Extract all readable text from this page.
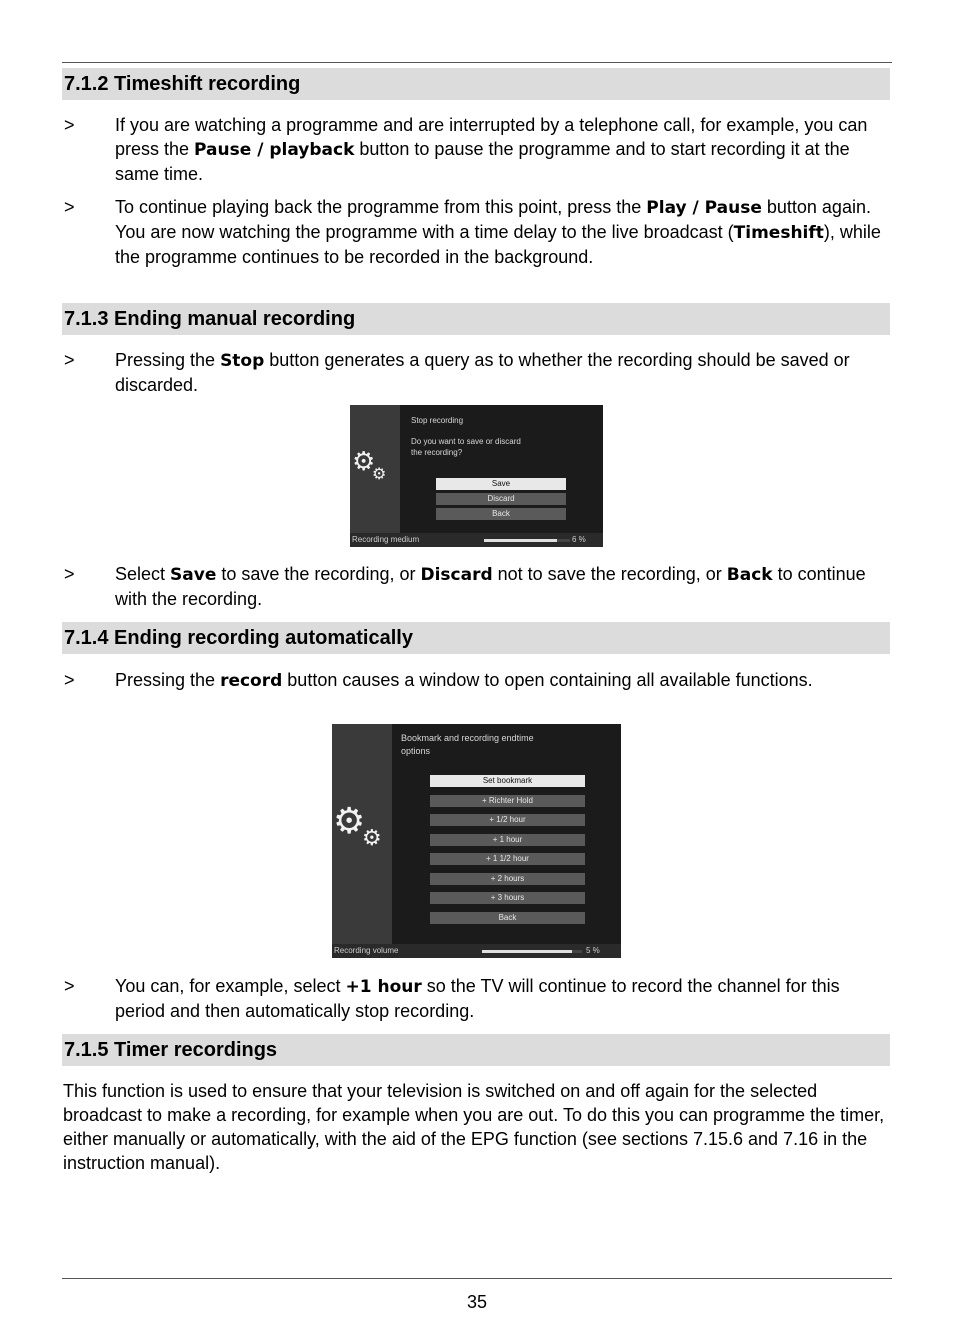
7.1.2 Timeshift recording
> If you are watching a programme and are interrupted by a telephone call, for example, you can press the Pause / playback button to pause the programme and to start recording it at the same time.
> To continue playing back the programme from this point, press the Play / Pause button again.
You are now watching the programme with a time delay to the live broadcast (Timeshift), while the programme continues to be recorded in the background.
7.1.3 Ending manual recording
> Pressing the Stop button generates a query as to whether the recording should be saved or discarded.
⚙
⚙
Stop recording
Do you want to save or discard
the recording?
Save
Discard
Back
Recording medium	6 %
> Select Save to save the recording, or Discard not to save the recording, or Back to continue with the recording.
7.1.4 Ending recording automatically
> Pressing the record button causes a window to open containing all available functions.
⚙
⚙
Bookmark and recording endtime
options
Set bookmark
+ Richter Hold
+ 1/2 hour
+ 1 hour
+ 1 1/2 hour
+ 2 hours
+ 3 hours
Back
Recording volume	5 %
> You can, for example, select +1 hour so the TV will continue to record the channel for this period and then automatically stop recording.
7.1.5 Timer recordings
This function is used to ensure that your television is switched on and off again for the selected broadcast to make a recording, for example when you are out. To do this you can programme the timer, either manually or automatically, with the aid of the EPG function (see sections 7.15.6 and 7.16 in the instruction manual).
35
